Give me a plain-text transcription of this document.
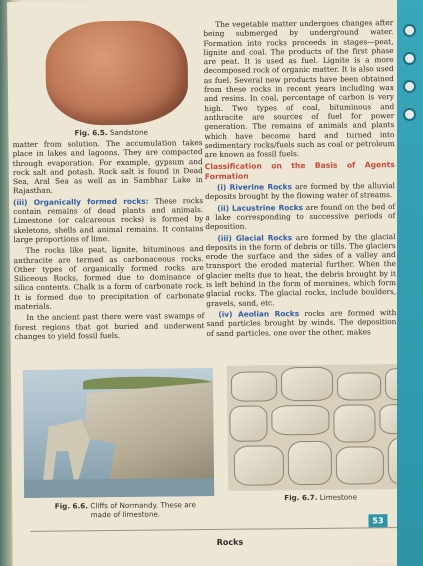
Fig. 6.5. Sandstone

matter from solution. The accumulation takes place in lakes and lagoons. They are compacted through evaporation. For example, gypsum and rock salt and potash. Rock salt is found in Dead Sea, Aral Sea as well as in Sambhar Lake in Rajasthan.

(iii) Organically formed rocks: These rocks contain remains of dead plants and animals. Limestone (or calcareous rocks) is formed by skeletons, shells and animal remains. It contains large proportions of lime.

The rocks like peat, lignite, bituminous and anthracite are termed as carbonaceous rocks. Other types of organically formed rocks are Siliceous Rocks, formed due to dominance of silica contents. Chalk is a form of carbonate rock. It is formed due to precipitation of carbonate materials.

In the ancient past there were vast swamps of forest regions that got buried and underwent changes to yield fossil fuels.

The vegetable matter undergoes changes after being submerged by underground water. Formation into rocks proceeds in stages—peat, lignite and coal. The products of the first phase are peat. It is used as fuel. Lignite is a more decomposed rock of organic matter. It is also used as fuel. Several new products have been obtained from these rocks in recent years including wax and resins. In coal, percentage of carbon is very high. Two types of coal, bituminous and anthracite are sources of fuel for power generation. The remains of animals and plants which have become hard and turned into sedimentary rocks/fuels such as coal or petroleum are known as fossil fuels.

Classification on the Basis of Agents Formation

(i) Riverine Rocks are formed by the alluvial deposits brought by the flowing water of streams.

(ii) Lacustrine Rocks are found on the bed of a lake corresponding to successive periods of deposition.

(iii) Glacial Rocks are formed by the glacial deposits in the form of debris or tills. The glaciers erode the surface and the sides of a valley and transport the eroded material further. When the glacier melts due to heat, the debris brought by it is left behind in the form of moraines, which form glacial rocks. The glacial rocks, include boulders, gravels, sand, etc.

(iv) Aeolian Rocks rocks are formed with sand particles brought by winds. The deposition of sand particles, one over the other, makes

Fig. 6.6. Cliffs of Normandy. These are
made of limestone.
Fig. 6.7. Limestone
53
Rocks
